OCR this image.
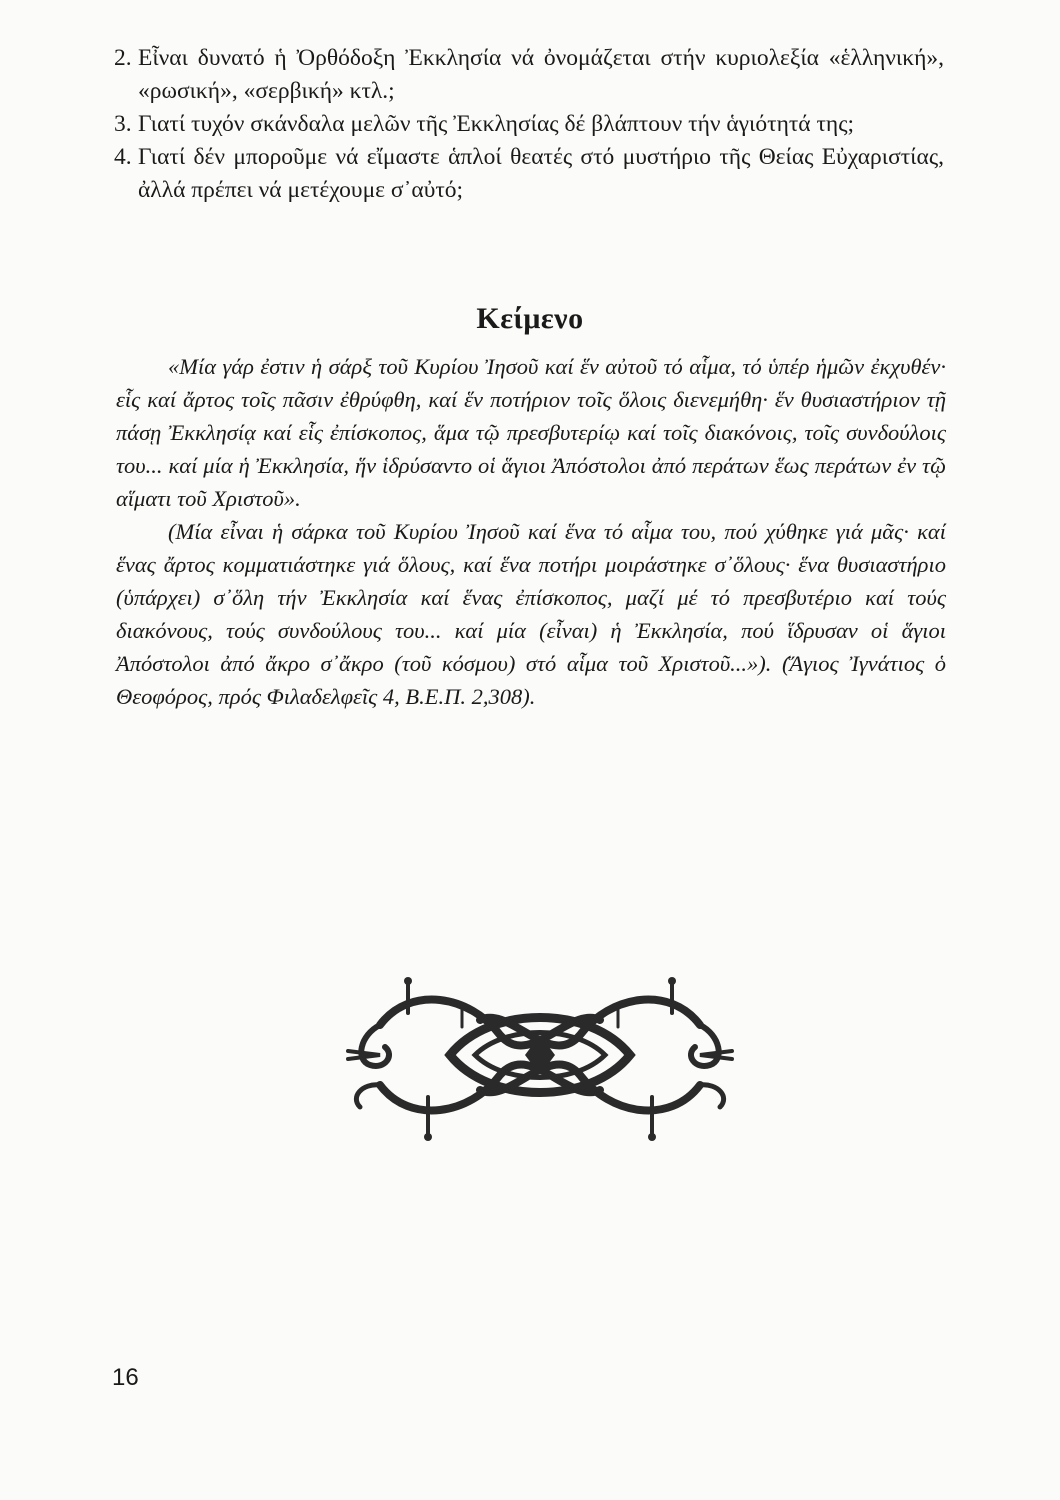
2. Εἶναι δυνατό ἡ Ὀρθόδοξη Ἐκκλησία νά ὀνομάζεται στήν κυριολεξία «ἑλληνική», «ρωσική», «σερβική» κτλ.;
3. Γιατί τυχόν σκάνδαλα μελῶν τῆς Ἐκκλησίας δέ βλάπτουν τήν ἁγιότητά της;
4. Γιατί δέν μποροῦμε νά εἴμαστε ἁπλοί θεατές στό μυστήριο τῆς Θείας Εὐχαριστίας, ἀλλά πρέπει νά μετέχουμε σ᾿αὐτό;
Κείμενο

«Μία γάρ ἐστιν ἡ σάρξ τοῦ Κυρίου Ἰησοῦ καί ἕν αὐτοῦ τό αἷμα, τό ὑπέρ ἡμῶν ἐκχυθέν· εἷς καί ἄρτος τοῖς πᾶσιν ἐθρύφθη, καί ἕν ποτήριον τοῖς ὅλοις διενεμήθη· ἕν θυσιαστήριον τῇ πάσῃ Ἐκκλησίᾳ καί εἷς ἐπίσκοπος, ἅμα τῷ πρεσβυτερίῳ καί τοῖς διακόνοις, τοῖς συνδούλοις του... καί μία ἡ Ἐκκλησία, ἥν ἱδρύσαντο οἱ ἅγιοι Ἀπόστολοι ἀπό περάτων ἕως περάτων ἐν τῷ αἵματι τοῦ Χριστοῦ».

(Μία εἶναι ἡ σάρκα τοῦ Κυρίου Ἰησοῦ καί ἕνα τό αἷμα του, πού χύθηκε γιά μᾶς· καί ἕνας ἄρτος κομματιάστηκε γιά ὅλους, καί ἕνα ποτήρι μοιράστηκε σ᾿ὅλους· ἕνα θυσιαστήριο (ὑπάρχει) σ᾿ὅλη τήν Ἐκκλησία καί ἕνας ἐπίσκοπος, μαζί μέ τό πρεσβυτέριο καί τούς διακόνους, τούς συνδούλους του... καί μία (εἶναι) ἡ Ἐκκλησία, πού ἵδρυσαν οἱ ἅγιοι Ἀπόστολοι ἀπό ἄκρο σ᾿ἄκρο (τοῦ κόσμου) στό αἷμα τοῦ Χριστοῦ...»). (Ἅγιος Ἰγνάτιος ὁ Θεοφόρος, πρός Φιλαδελφεῖς 4, Β.Ε.Π. 2,308).

16
